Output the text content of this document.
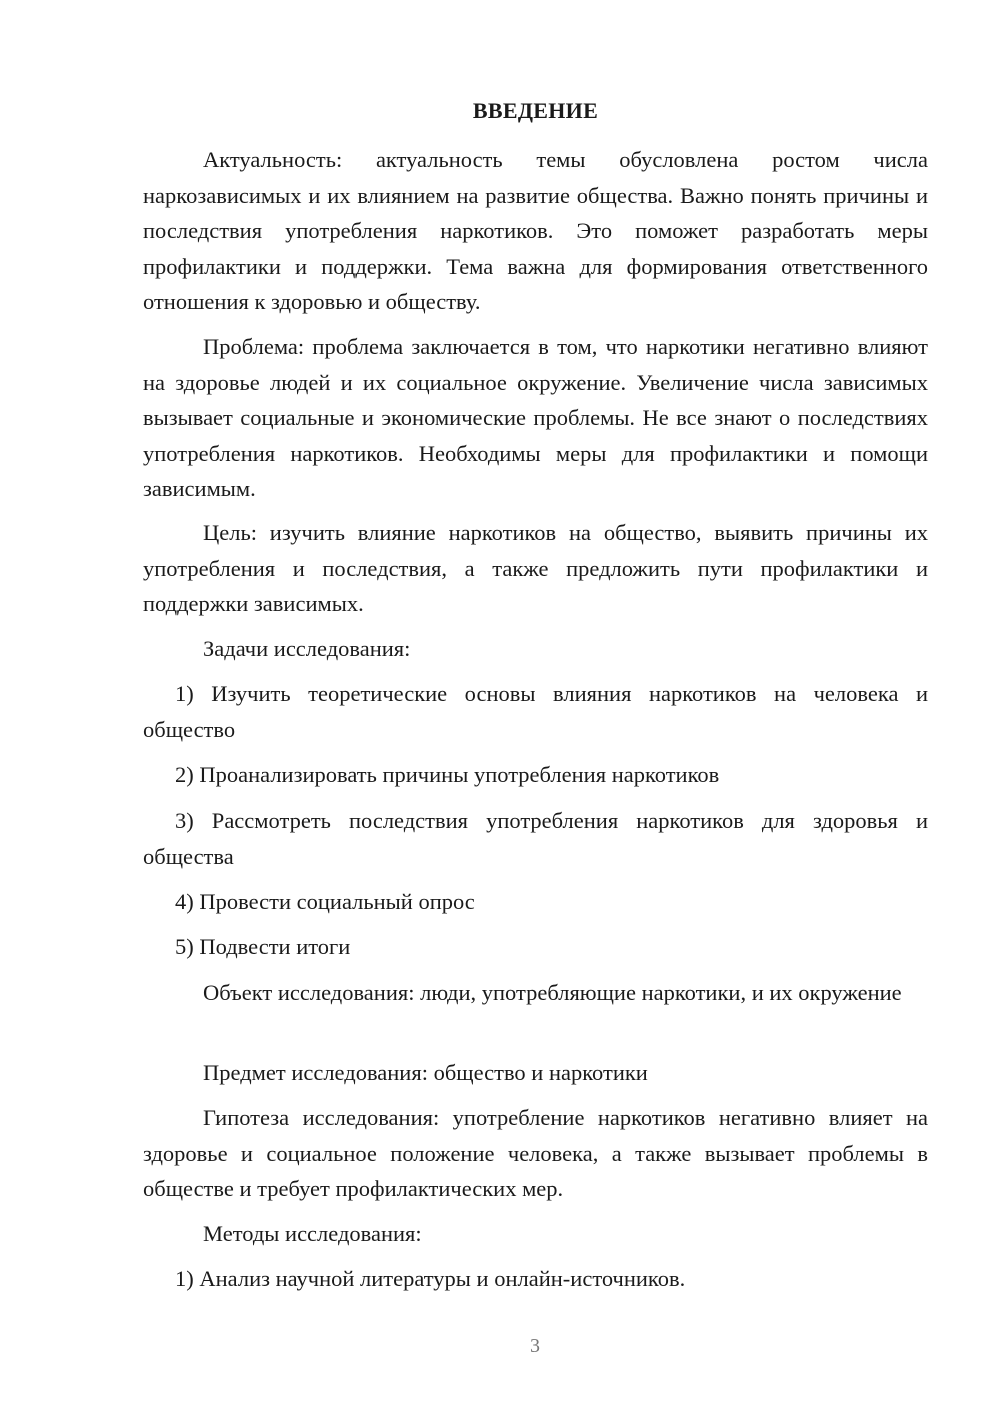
ВВЕДЕНИЕ

Актуальность: актуальность темы обусловлена ростом числа наркозависимых и их влиянием на развитие общества. Важно понять причины и последствия употребления наркотиков. Это поможет разработать меры профилактики и поддержки. Тема важна для формирования ответственного отношения к здоровью и обществу.

Проблема: проблема заключается в том, что наркотики негативно влияют на здоровье людей и их социальное окружение. Увеличение числа зависимых вызывает социальные и экономические проблемы. Не все знают о последствиях употребления наркотиков. Необходимы меры для профилактики и помощи зависимым.

Цель: изучить влияние наркотиков на общество, выявить причины их употребления и последствия, а также предложить пути профилактики и поддержки зависимых.

Задачи исследования:

1) Изучить теоретические основы влияния наркотиков на человека и общество

2) Проанализировать причины употребления наркотиков

3) Рассмотреть последствия употребления наркотиков для здоровья и общества

4) Провести социальный опрос

5) Подвести итоги

Объект исследования: люди, употребляющие наркотики, и их окружение

Предмет исследования: общество и наркотики

Гипотеза исследования: употребление наркотиков негативно влияет на здоровье и социальное положение человека, а также вызывает проблемы в обществе и требует профилактических мер.

Методы исследования:

1) Анализ научной литературы и онлайн-источников.

3
